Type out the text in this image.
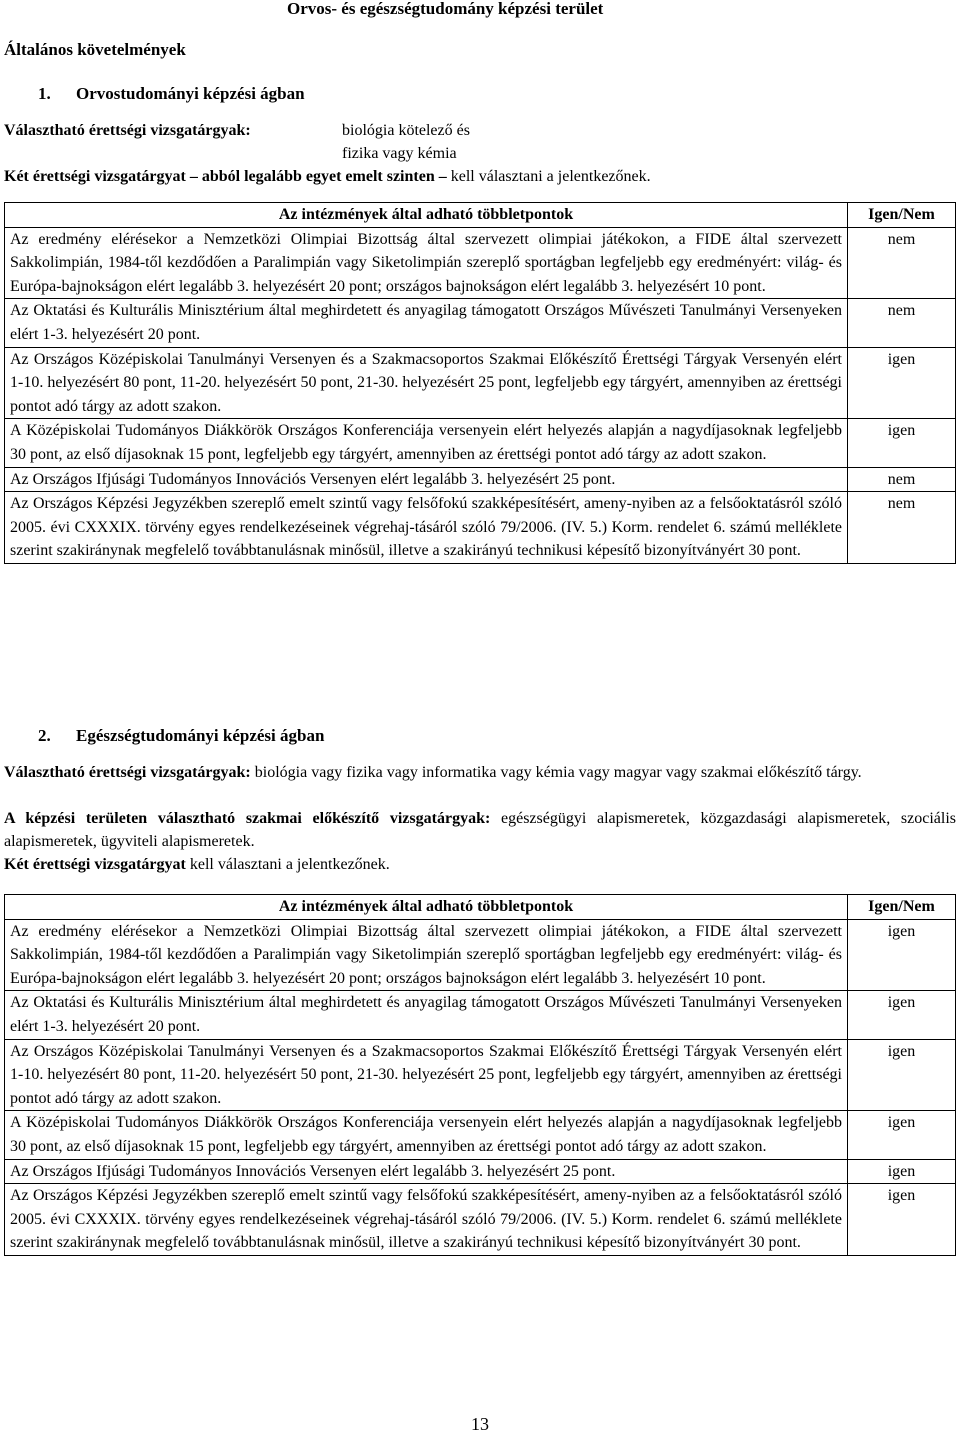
Orvos- és egészségtudomány képzési terület
Általános követelmények
1. Orvostudományi képzési ágban
Választható érettségi vizsgatárgyak:	biológia kötelező és
fizika vagy kémia
Két érettségi vizsgatárgyat – abból legalább egyet emelt szinten – kell választani a jelentkezőnek.
Az intézmények által adható többletpontok	Igen/Nem
Az eredmény elérésekor a Nemzetközi Olimpiai Bizottság által szervezett olimpiai játékokon, a FIDE által szervezett Sakkolimpián, 1984-től kezdődően a Paralimpián vagy Siketolimpián szereplő sportágban legfeljebb egy eredményért: világ- és Európa-bajnokságon elért legalább 3. helyezésért 20 pont; országos bajnokságon elért legalább 3. helyezésért 10 pont.	nem
Az Oktatási és Kulturális Minisztérium által meghirdetett és anyagilag támogatott Országos Művészeti Tanulmányi Versenyeken elért 1-3. helyezésért 20 pont.	nem
Az Országos Középiskolai Tanulmányi Versenyen és a Szakmacsoportos Szakmai Előkészítő Érettségi Tárgyak Versenyén elért 1-10. helyezésért 80 pont, 11-20. helyezésért 50 pont, 21-30. helyezésért 25 pont, legfeljebb egy tárgyért, amennyiben az érettségi pontot adó tárgy az adott szakon.	igen
A Középiskolai Tudományos Diákkörök Országos Konferenciája versenyein elért helyezés alapján a nagydíjasoknak legfeljebb 30 pont, az első díjasoknak 15 pont, legfeljebb egy tárgyért, amennyiben az érettségi pontot adó tárgy az adott szakon.	igen
Az Országos Ifjúsági Tudományos Innovációs Versenyen elért legalább 3. helyezésért 25 pont.	nem
Az Országos Képzési Jegyzékben szereplő emelt szintű vagy felsőfokú szakképesítésért, ameny-nyiben az a felsőoktatásról szóló 2005. évi CXXXIX. törvény egyes rendelkezéseinek végrehaj-tásáról szóló 79/2006. (IV. 5.) Korm. rendelet 6. számú melléklete szerint szakiránynak megfelelő továbbtanulásnak minősül, illetve a szakirányú technikusi képesítő bizonyítványért 30 pont.	nem
2. Egészségtudományi képzési ágban
Választható érettségi vizsgatárgyak: biológia vagy fizika vagy informatika vagy kémia vagy magyar vagy szakmai előkészítő tárgy.
A képzési területen választható szakmai előkészítő vizsgatárgyak: egészségügyi alapismeretek, közgazdasági alapismeretek, szociális alapismeretek, ügyviteli alapismeretek.
Két érettségi vizsgatárgyat kell választani a jelentkezőnek.
Az intézmények által adható többletpontok	Igen/Nem
Az eredmény elérésekor a Nemzetközi Olimpiai Bizottság által szervezett olimpiai játékokon, a FIDE által szervezett Sakkolimpián, 1984-től kezdődően a Paralimpián vagy Siketolimpián szereplő sportágban legfeljebb egy eredményért: világ- és Európa-bajnokságon elért legalább 3. helyezésért 20 pont; országos bajnokságon elért legalább 3. helyezésért 10 pont.	igen
Az Oktatási és Kulturális Minisztérium által meghirdetett és anyagilag támogatott Országos Művészeti Tanulmányi Versenyeken elért 1-3. helyezésért 20 pont.	igen
Az Országos Középiskolai Tanulmányi Versenyen és a Szakmacsoportos Szakmai Előkészítő Érettségi Tárgyak Versenyén elért 1-10. helyezésért 80 pont, 11-20. helyezésért 50 pont, 21-30. helyezésért 25 pont, legfeljebb egy tárgyért, amennyiben az érettségi pontot adó tárgy az adott szakon.	igen
A Középiskolai Tudományos Diákkörök Országos Konferenciája versenyein elért helyezés alapján a nagydíjasoknak legfeljebb 30 pont, az első díjasoknak 15 pont, legfeljebb egy tárgyért, amennyiben az érettségi pontot adó tárgy az adott szakon.	igen
Az Országos Ifjúsági Tudományos Innovációs Versenyen elért legalább 3. helyezésért 25 pont.	igen
Az Országos Képzési Jegyzékben szereplő emelt szintű vagy felsőfokú szakképesítésért, ameny-nyiben az a felsőoktatásról szóló 2005. évi CXXXIX. törvény egyes rendelkezéseinek végrehaj-tásáról szóló 79/2006. (IV. 5.) Korm. rendelet 6. számú melléklete szerint szakiránynak megfelelő továbbtanulásnak minősül, illetve a szakirányú technikusi képesítő bizonyítványért 30 pont.	igen
13
